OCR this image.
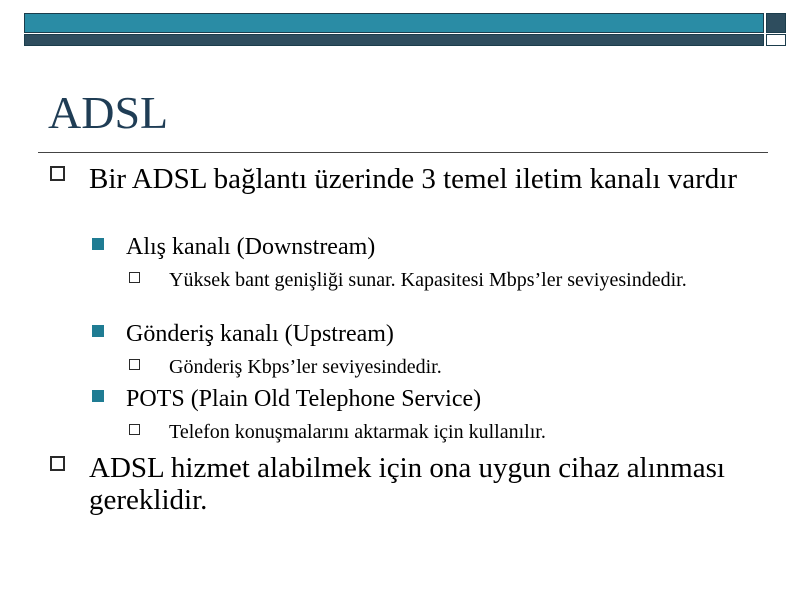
ADSL
Bir ADSL bağlantı üzerinde 3 temel iletim kanalı vardır
Alış kanalı (Downstream)
Yüksek bant genişliği sunar. Kapasitesi Mbps’ler seviyesindedir.
Gönderiş kanalı (Upstream)
Gönderiş Kbps’ler seviyesindedir.
POTS (Plain Old Telephone Service)
Telefon konuşmalarını aktarmak için kullanılır.
ADSL hizmet alabilmek için ona uygun cihaz alınması gereklidir.
